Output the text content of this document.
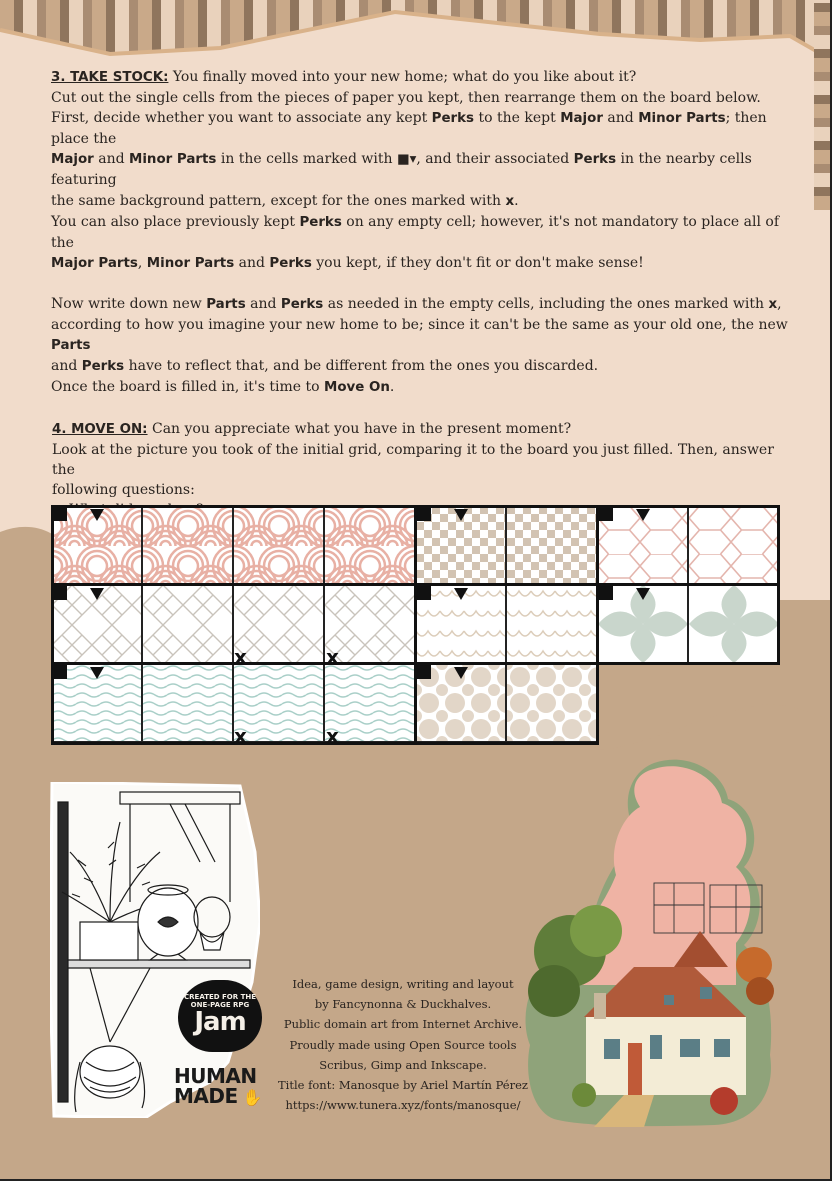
3. TAKE STOCK: You finally moved into your new home; what do you like about it?

Cut out the single cells from the pieces of paper you kept, then rearrange them on the board below.

First, decide whether you want to associate any kept Perks to the kept Major and Minor Parts; then place the

Major and Minor Parts in the cells marked with ■▾, and their associated Perks in the nearby cells featuring

the same background pattern, except for the ones marked with x.

You can also place previously kept Perks on any empty cell; however, it's not mandatory to place all of the

Major Parts, Minor Parts and Perks you kept, if they don't fit or don't make sense!

Now write down new Parts and Perks as needed in the empty cells, including the ones marked with x,

according to how you imagine your new home to be; since it can't be the same as your old one, the new Parts

and Perks have to reflect that, and be different from the ones you discarded.

Once the board is filled in, it's time to Move On.

4. MOVE ON: Can you appreciate what you have in the present moment?

Look at the picture you took of the initial grid, comparing it to the board you just filled. Then, answer the

following questions:

•
•
•
•
x	x
x	x
CREATED FOR THE
ONE-PAGE RPG
Jam
HUMAN
MADE ✋
Idea, game design, writing and layout
by Fancynonna & Duckhalves.
Public domain art from Internet Archive.
Proudly made using Open Source tools
Scribus, Gimp and Inkscape.
Title font: Manosque by Ariel Martín Pérez
https://www.tunera.xyz/fonts/manosque/
